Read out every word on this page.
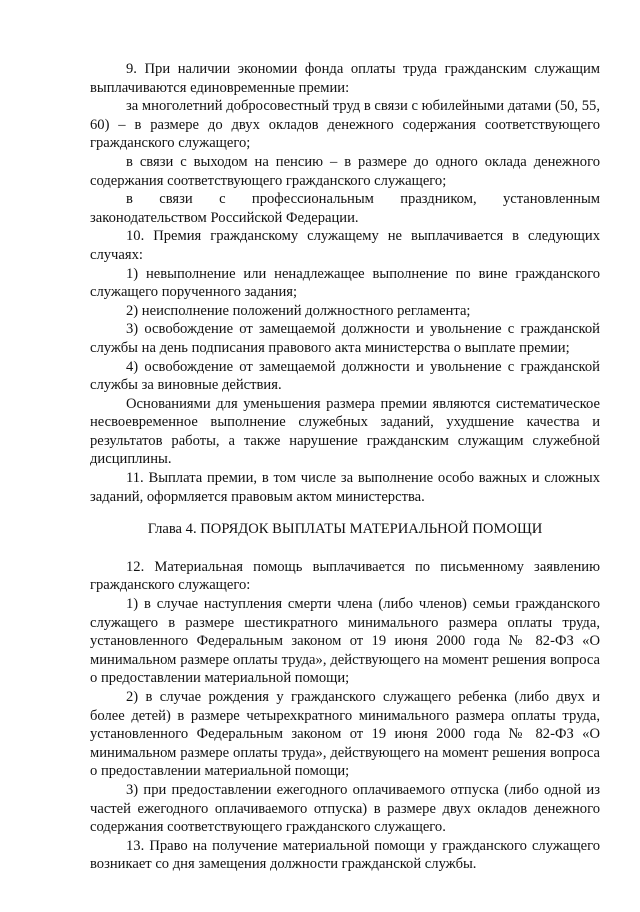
9. При наличии экономии фонда оплаты труда гражданским служащим выплачиваются единовременные премии:

за многолетний добросовестный труд в связи с юбилейными датами (50, 55, 60) – в размере до двух окладов денежного содержания соответствующего гражданского служащего;

в связи с выходом на пенсию – в размере до одного оклада денежного содержания соответствующего гражданского служащего;

в связи с профессиональным праздником, установленным законодательством Российской Федерации.

10. Премия гражданскому служащему не выплачивается в следующих случаях:

1) невыполнение или ненадлежащее выполнение по вине гражданского служащего порученного задания;

2) неисполнение положений должностного регламента;

3) освобождение от замещаемой должности и увольнение с гражданской службы на день подписания правового акта министерства о выплате премии;

4) освобождение от замещаемой должности и увольнение с гражданской службы за виновные действия.

Основаниями для уменьшения размера премии являются систематическое несвоевременное выполнение служебных заданий, ухудшение качества и результатов работы, а также нарушение гражданским служащим служебной дисциплины.

11. Выплата премии, в том числе за выполнение особо важных и сложных заданий, оформляется правовым актом министерства.

Глава 4. ПОРЯДОК ВЫПЛАТЫ МАТЕРИАЛЬНОЙ ПОМОЩИ

12. Материальная помощь выплачивается по письменному заявлению гражданского служащего:

1) в случае наступления смерти члена (либо членов) семьи гражданского служащего в размере шестикратного минимального размера оплаты труда, установленного Федеральным законом от 19 июня 2000 года № 82-ФЗ «О минимальном размере оплаты труда», действующего на момент решения вопроса о предоставлении материальной помощи;

2) в случае рождения у гражданского служащего ребенка (либо двух и более детей) в размере четырехкратного минимального размера оплаты труда, установленного Федеральным законом от 19 июня 2000 года № 82-ФЗ «О минимальном размере оплаты труда», действующего на момент решения вопроса о предоставлении материальной помощи;

3) при предоставлении ежегодного оплачиваемого отпуска (либо одной из частей ежегодного оплачиваемого отпуска) в размере двух окладов денежного содержания соответствующего гражданского служащего.

13. Право на получение материальной помощи у гражданского служащего возникает со дня замещения должности гражданской службы.
